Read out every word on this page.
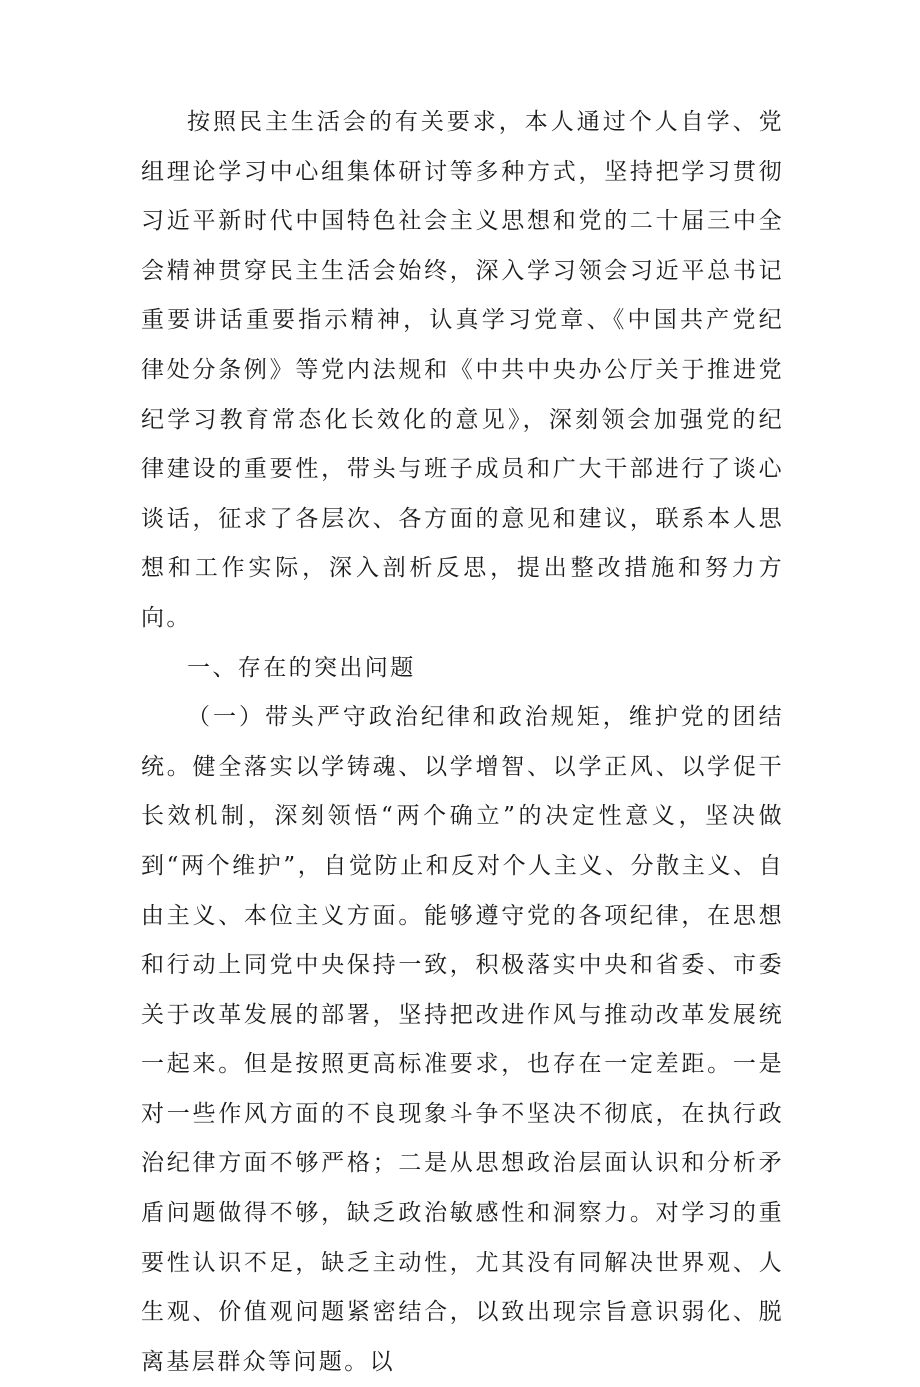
按照民主生活会的有关要求，本人通过个人自学、党组理论学习中心组集体研讨等多种方式，坚持把学习贯彻习近平新时代中国特色社会主义思想和党的二十届三中全会精神贯穿民主生活会始终，深入学习领会习近平总书记重要讲话重要指示精神，认真学习党章、《中国共产党纪律处分条例》等党内法规和《中共中央办公厅关于推进党纪学习教育常态化长效化的意见》，深刻领会加强党的纪律建设的重要性，带头与班子成员和广大干部进行了谈心谈话，征求了各层次、各方面的意见和建议，联系本人思想和工作实际，深入剖析反思，提出整改措施和努力方向。

一、存在的突出问题

（一）带头严守政治纪律和政治规矩，维护党的团结统。健全落实以学铸魂、以学增智、以学正风、以学促干长效机制，深刻领悟“两个确立”的决定性意义，坚决做到“两个维护”，自觉防止和反对个人主义、分散主义、自由主义、本位主义方面。能够遵守党的各项纪律，在思想和行动上同党中央保持一致，积极落实中央和省委、市委关于改革发展的部署，坚持把改进作风与推动改革发展统一起来。但是按照更高标准要求，也存在一定差距。一是对一些作风方面的不良现象斗争不坚决不彻底，在执行政治纪律方面不够严格；二是从思想政治层面认识和分析矛盾问题做得不够，缺乏政治敏感性和洞察力。对学习的重要性认识不足，缺乏主动性，尤其没有同解决世界观、人生观、价值观问题紧密结合，以致出现宗旨意识弱化、脱离基层群众等问题。以
